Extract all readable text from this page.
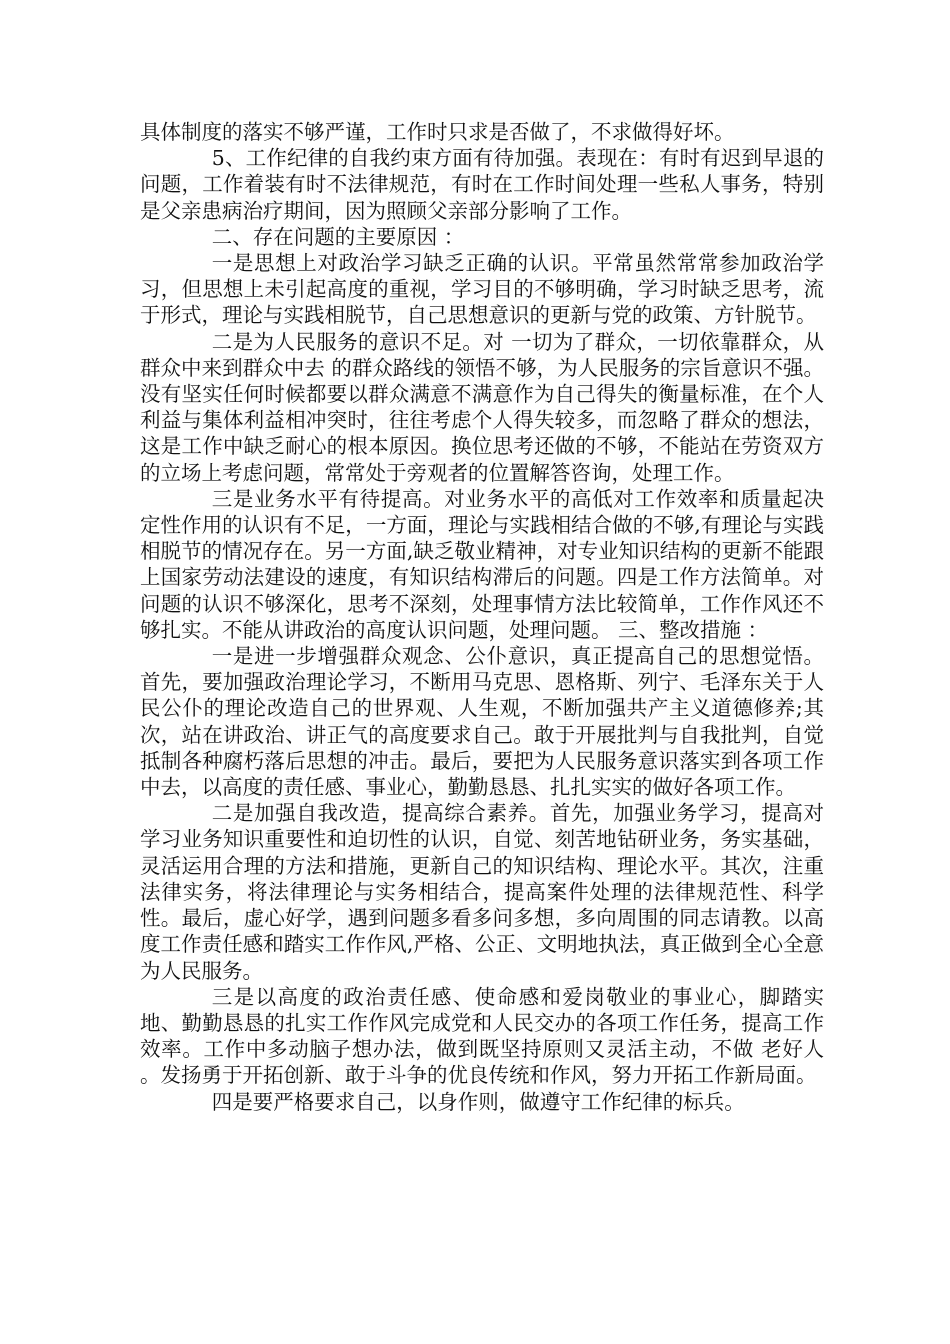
具体制度的落实不够严谨，工作时只求是否做了，不求做得好坏。

5、工作纪律的自我约束方面有待加强。表现在：有时有迟到早退的问题，工作着装有时不法律规范，有时在工作时间处理一些私人事务，特别是父亲患病治疗期间，因为照顾父亲部分影响了工作。

二、存在问题的主要原因 ：

一是思想上对政治学习缺乏正确的认识。平常虽然常常参加政治学习，但思想上未引起高度的重视，学习目的不够明确，学习时缺乏思考，流于形式，理论与实践相脱节，自己思想意识的更新与党的政策、方针脱节。

二是为人民服务的意识不足。对 一切为了群众，一切依靠群众，从群众中来到群众中去 的群众路线的领悟不够，为人民服务的宗旨意识不强。没有坚实任何时候都要以群众满意不满意作为自己得失的衡量标准，在个人利益与集体利益相冲突时，往往考虑个人得失较多，而忽略了群众的想法，这是工作中缺乏耐心的根本原因。换位思考还做的不够，不能站在劳资双方的立场上考虑问题，常常处于旁观者的位置解答咨询，处理工作。

三是业务水平有待提高。对业务水平的高低对工作效率和质量起决定性作用的认识有不足，一方面，理论与实践相结合做的不够,有理论与实践相脱节的情况存在。另一方面,缺乏敬业精神，对专业知识结构的更新不能跟上国家劳动法建设的速度，有知识结构滞后的问题。四是工作方法简单。对问题的认识不够深化，思考不深刻，处理事情方法比较简单，工作作风还不够扎实。不能从讲政治的高度认识问题，处理问题。 三、整改措施 ：

一是进一步增强群众观念、公仆意识，真正提高自己的思想觉悟。首先，要加强政治理论学习，不断用马克思、恩格斯、列宁、毛泽东关于人民公仆的理论改造自己的世界观、人生观，不断加强共产主义道德修养;其次，站在讲政治、讲正气的高度要求自己。敢于开展批判与自我批判，自觉抵制各种腐朽落后思想的冲击。最后，要把为人民服务意识落实到各项工作中去，以高度的责任感、事业心，勤勤恳恳、扎扎实实的做好各项工作。

二是加强自我改造，提高综合素养。首先，加强业务学习，提高对学习业务知识重要性和迫切性的认识，自觉、刻苦地钻研业务，务实基础，灵活运用合理的方法和措施，更新自己的知识结构、理论水平。其次，注重法律实务，将法律理论与实务相结合，提高案件处理的法律规范性、科学性。最后，虚心好学，遇到问题多看多问多想，多向周围的同志请教。以高度工作责任感和踏实工作作风,严格、公正、文明地执法，真正做到全心全意为人民服务。

三是以高度的政治责任感、使命感和爱岗敬业的事业心，脚踏实地、勤勤恳恳的扎实工作作风完成党和人民交办的各项工作任务，提高工作效率。工作中多动脑子想办法，做到既坚持原则又灵活主动，不做 老好人 。发扬勇于开拓创新、敢于斗争的优良传统和作风，努力开拓工作新局面。

四是要严格要求自己，以身作则，做遵守工作纪律的标兵。
